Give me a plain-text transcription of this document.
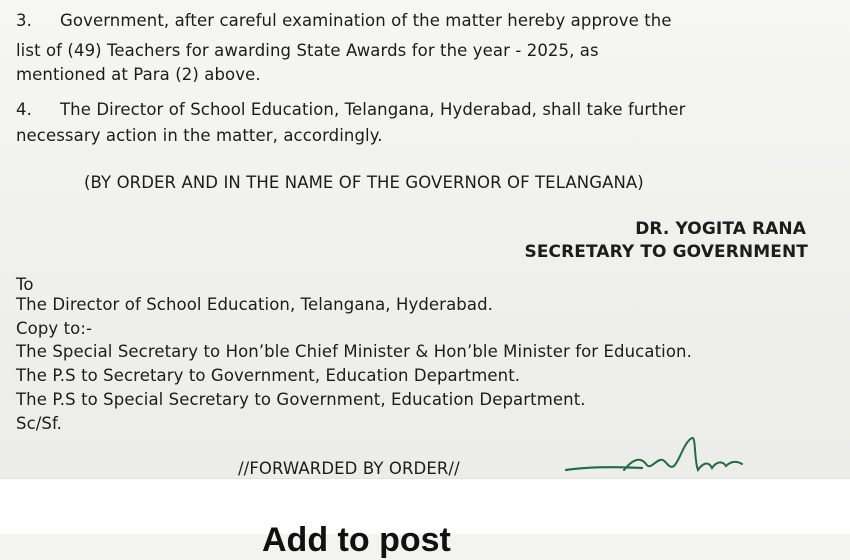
3. Government, after careful examination of the matter hereby approve the
list of (49) Teachers for awarding State Awards for the year - 2025, as
mentioned at Para (2) above.
4. The Director of School Education, Telangana, Hyderabad, shall take further
necessary action in the matter, accordingly.
(BY ORDER AND IN THE NAME OF THE GOVERNOR OF TELANGANA)
DR. YOGITA RANA
SECRETARY TO GOVERNMENT
To
The Director of School Education, Telangana, Hyderabad.
Copy to:-
The Special Secretary to Hon’ble Chief Minister & Hon’ble Minister for Education.
The P.S to Secretary to Government, Education Department.
The P.S to Special Secretary to Government, Education Department.
Sc/Sf.
//FORWARDED BY ORDER//
Add to post
